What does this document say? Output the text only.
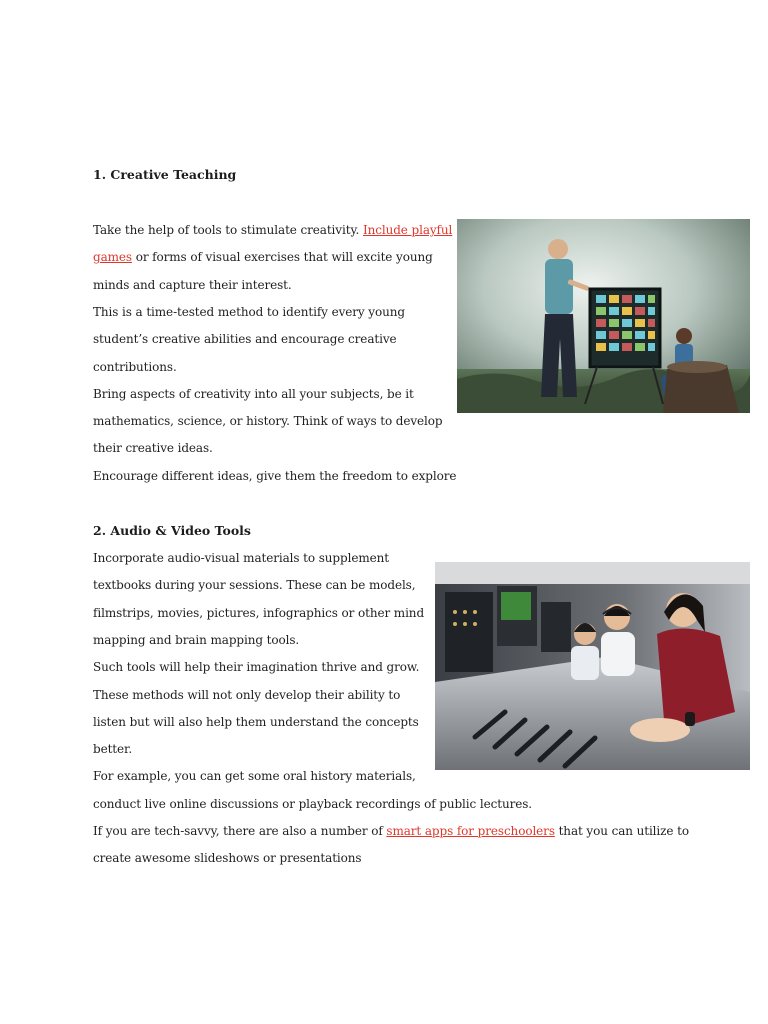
1. Creative Teaching
Take the help of tools to stimulate creativity. Include playful
games or forms of visual exercises that will excite young
minds and capture their interest.
This is a time-tested method to identify every young
student’s creative abilities and encourage creative
contributions.
Bring aspects of creativity into all your subjects, be it
mathematics, science, or history. Think of ways to develop
their creative ideas.
Encourage different ideas, give them the freedom to explore
2. Audio & Video Tools
Incorporate audio-visual materials to supplement
textbooks during your sessions. These can be models,
filmstrips, movies, pictures, infographics or other mind
mapping and brain mapping tools.
Such tools will help their imagination thrive and grow.
These methods will not only develop their ability to
listen but will also help them understand the concepts
better.
For example, you can get some oral history materials,
conduct live online discussions or playback recordings of public lectures.
If you are tech-savvy, there are also a number of smart apps for preschoolers that you can utilize to
create awesome slideshows or presentations
